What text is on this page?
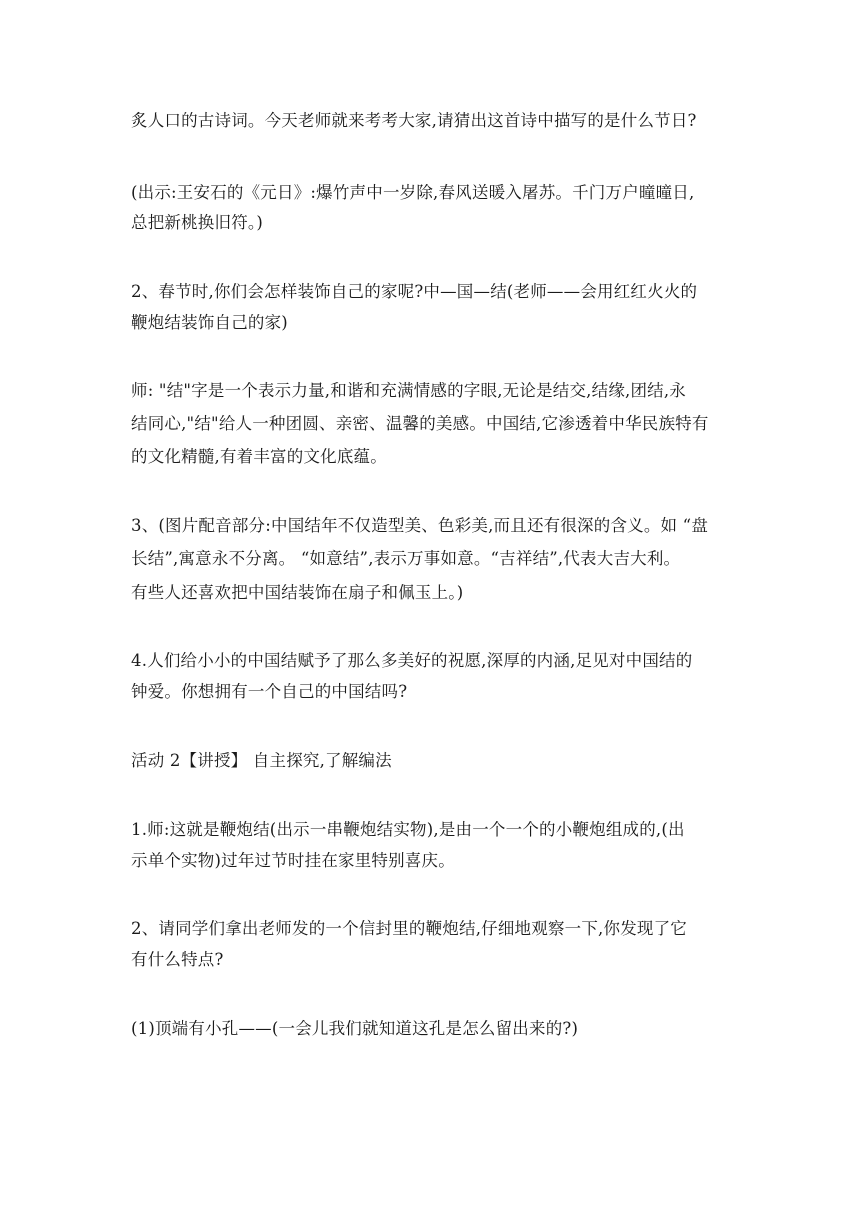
炙人口的古诗词。今天老师就来考考大家,请猜出这首诗中描写的是什么节日?
(出示:王安石的《元日》:爆竹声中一岁除,春风送暖入屠苏。千门万户曈曈日,
总把新桃换旧符。)
2、春节时,你们会怎样装饰自己的家呢?中—国—结(老师——会用红红火火的
鞭炮结装饰自己的家)
师: "结"字是一个表示力量,和谐和充满情感的字眼,无论是结交,结缘,团结,永
结同心,"结"给人一种团圆、亲密、温馨的美感。中国结,它渗透着中华民族特有
的文化精髓,有着丰富的文化底蕴。
3、(图片配音部分:中国结年不仅造型美、色彩美,而且还有很深的含义。如 “盘
长结”,寓意永不分离。 “如意结”,表示万事如意。“吉祥结”,代表大吉大利。
有些人还喜欢把中国结装饰在扇子和佩玉上。)
4.人们给小小的中国结赋予了那么多美好的祝愿,深厚的内涵,足见对中国结的
钟爱。你想拥有一个自己的中国结吗?
活动 2【讲授】 自主探究,了解编法
1.师:这就是鞭炮结(出示一串鞭炮结实物),是由一个一个的小鞭炮组成的,(出
示单个实物)过年过节时挂在家里特别喜庆。
2、请同学们拿出老师发的一个信封里的鞭炮结,仔细地观察一下,你发现了它
有什么特点?
(1)顶端有小孔——(一会儿我们就知道这孔是怎么留出来的?)
